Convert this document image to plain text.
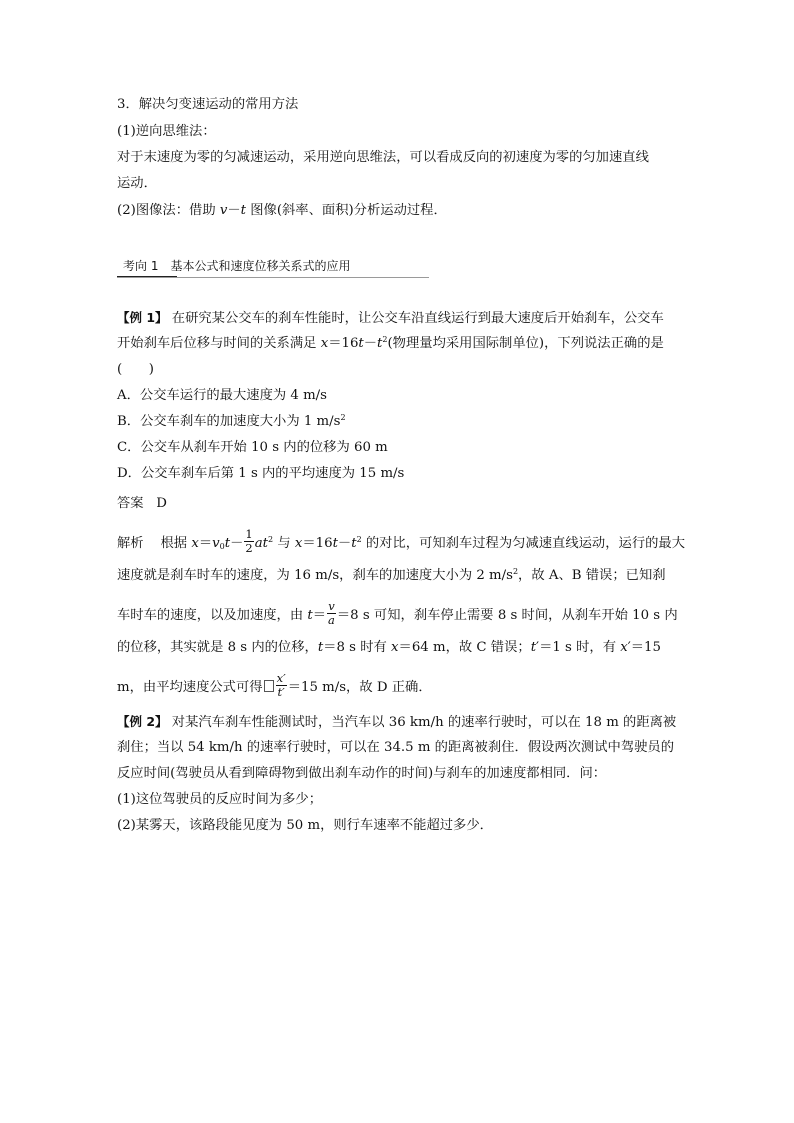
3．解决匀变速运动的常用方法
(1)逆向思维法：
对于末速度为零的匀减速运动，采用逆向思维法，可以看成反向的初速度为零的匀加速直线
运动．
(2)图像法：借助 v－t 图像(斜率、面积)分析运动过程．
考向 1　基本公式和速度位移关系式的应用
【例 1】 在研究某公交车的刹车性能时，让公交车沿直线运行到最大速度后开始刹车，公交车
开始刹车后位移与时间的关系满足 $x=16t-t^2$(物理量均采用国际制单位)，下列说法正确的是
(　　)
A．公交车运行的最大速度为 4 m/s
B．公交车刹车的加速度大小为 1 $m/s^2$
C．公交车从刹车开始 10 s 内的位移为 60 m
D．公交车刹车后第 1 s 内的平均速度为 15 m/s
答案 D
解析 根据 $x=v_0t- \frac{1}{2} at^2$ 与 $x=16t-t^2$ 的对比，可知刹车过程为匀减速直线运动，运行的最大
速度就是刹车时车的速度，为 16 m/s，刹车的加速度大小为 2 $m/s^2$，故 A、B 错误；已知刹
车时车的速度，以及加速度，由 $t= \frac{v}{a} =8$ s 可知，刹车停止需要 8 s 时间，从刹车开始 10 s 内
的位移，其实就是 8 s 内的位移，t＝8 s 时有 x＝64 m，故 C 错误；t′＝1 s 时，有 x′＝15
m，由平均速度公式可得 $\frac{x'}{t'} =15$ m/s，故 D 正确．
【例 2】 对某汽车刹车性能测试时，当汽车以 36 km/h 的速率行驶时，可以在 18 m 的距离被
刹住；当以 54 km/h 的速率行驶时，可以在 34.5 m 的距离被刹住．假设两次测试中驾驶员的
反应时间(驾驶员从看到障碍物到做出刹车动作的时间)与刹车的加速度都相同．问：
(1)这位驾驶员的反应时间为多少；
(2)某雾天，该路段能见度为 50 m，则行车速率不能超过多少．
